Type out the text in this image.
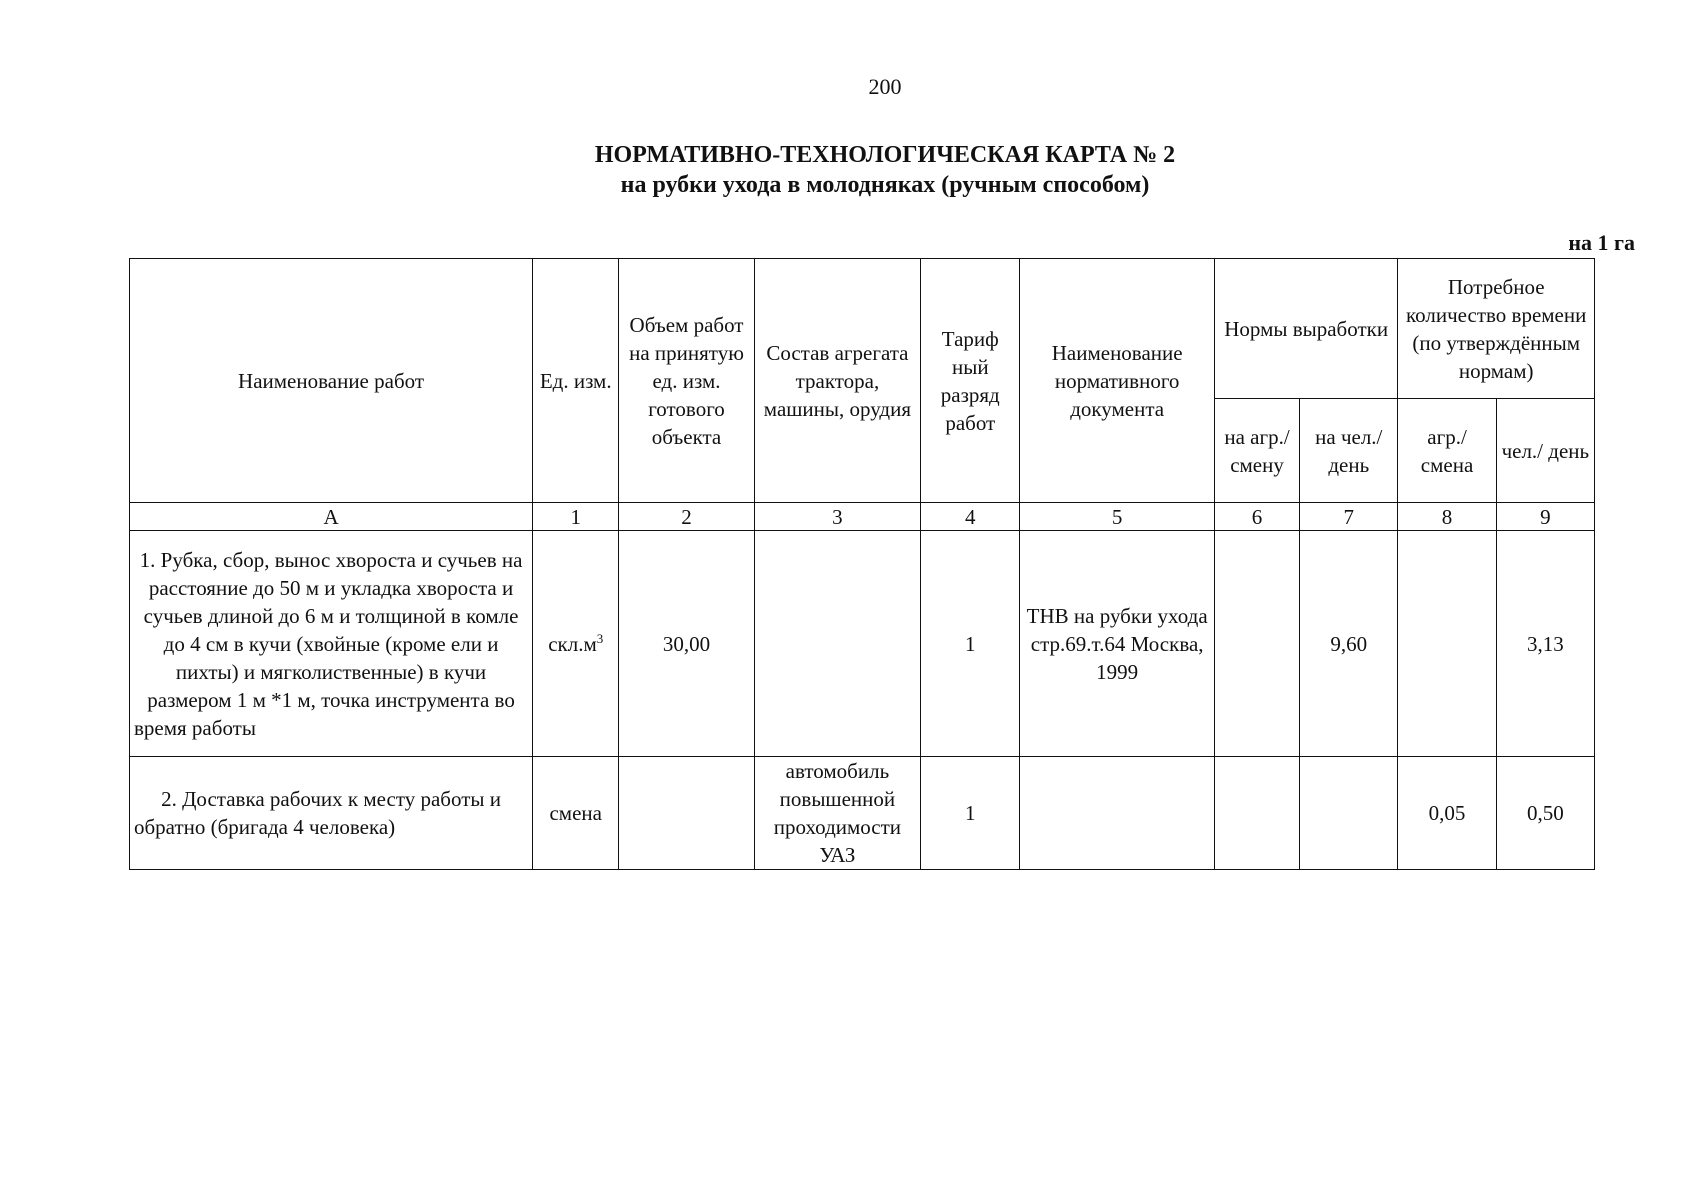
200
НОРМАТИВНО-ТЕХНОЛОГИЧЕСКАЯ КАРТА № 2
на рубки ухода в молодняках (ручным способом)
на 1 га
Наименование работ	Ед. изм.	Объем работ на принятую ед. изм. готового объекта	Состав агрегата трактора, машины, орудия	Тариф ный разряд работ	Наименование нормативного документа	Нормы выработки		Потребное количество времени (по утверждённым нормам)	
						на агр./ смену	на чел./ день	агр./ смена	чел./ день
А	1	2	3	4	5	6	7	8	9
1. Рубка, сбор, вынос хвороста и сучьев на расстояние до 50 м и укладка хвороста и сучьев длиной до 6 м и толщиной в комле до 4 см в кучи (хвойные (кроме ели и пихты) и мягколиственные) в кучи размером 1 м *1 м, точка инструмента во время работы	$скл.м^3$	30,00		1	ТНВ на рубки ухода стр.69.т.64 Москва, 1999		9,60		3,13
2. Доставка рабочих к месту работы и обратно (бригада 4 человека)	смена		автомобиль повышенной проходимости УАЗ	1				0,05	0,50
